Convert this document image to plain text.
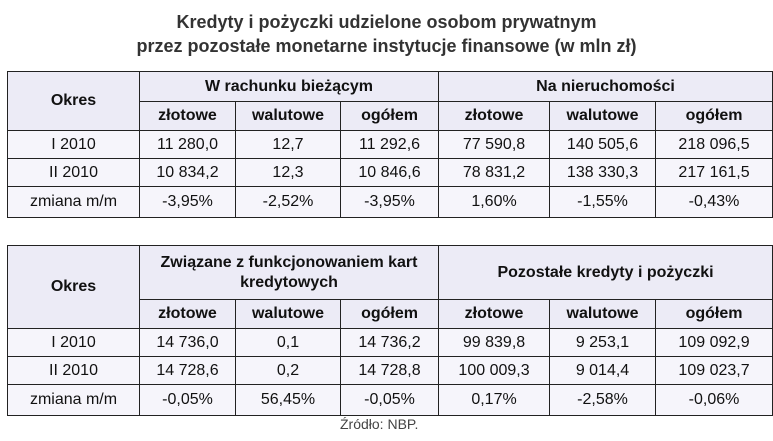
Kredyty i pożyczki udzielone osobom prywatnym
przez pozostałe monetarne instytucje finansowe (w mln zł)
Okres	W rachunku bieżącym			Na nieruchomości		
	złotowe	walutowe	ogółem	złotowe	walutowe	ogółem
I 2010	11 280,0	12,7	11 292,6	77 590,8	140 505,6	218 096,5
II 2010	10 834,2	12,3	10 846,6	78 831,2	138 330,3	217 161,5
zmiana m/m	-3,95%	-2,52%	-3,95%	1,60%	-1,55%	-0,43%
Okres	Związane z funkcjonowaniem kart kredytowych			Pozostałe kredyty i pożyczki		
	złotowe	walutowe	ogółem	złotowe	walutowe	ogółem
I 2010	14 736,0	0,1	14 736,2	99 839,8	9 253,1	109 092,9
II 2010	14 728,6	0,2	14 728,8	100 009,3	9 014,4	109 023,7
zmiana m/m	-0,05%	56,45%	-0,05%	0,17%	-2,58%	-0,06%
Źródło: NBP.
